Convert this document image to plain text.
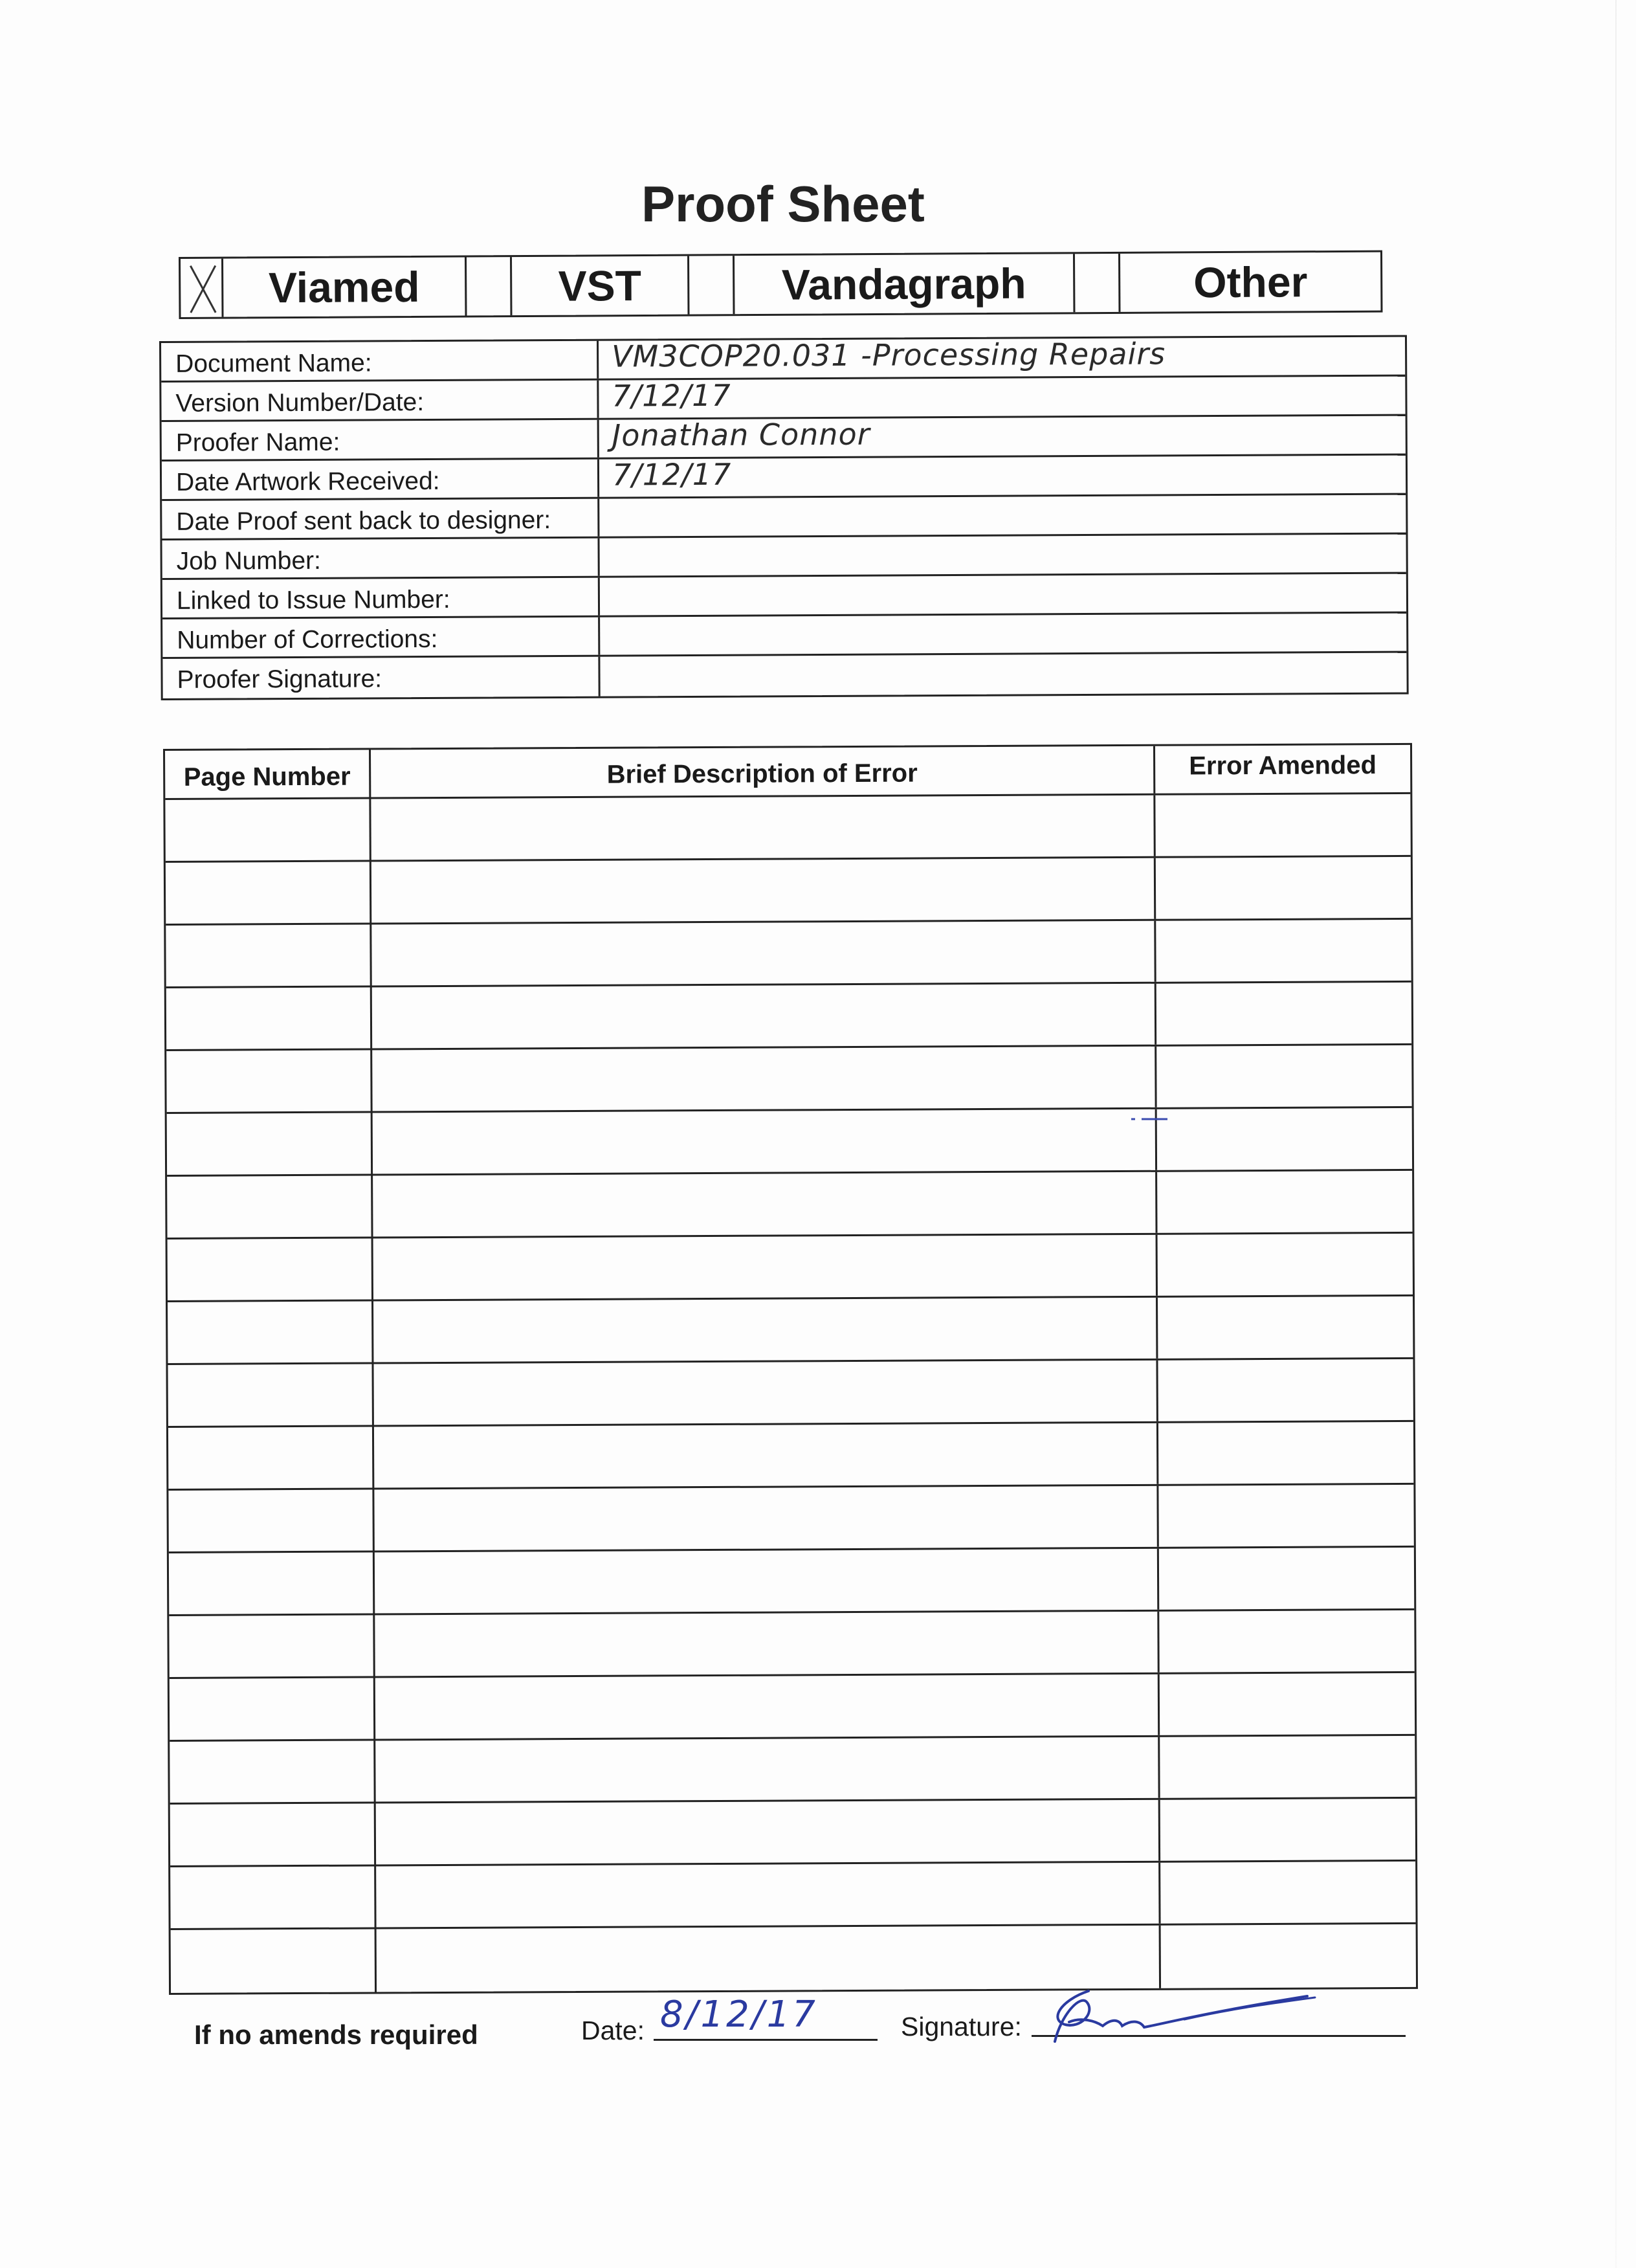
Proof Sheet
Viamed	VST	Vandagraph	Other
Document Name:	VM3COP20.031 -Processing Repairs
Version Number/Date:	7/12/17
Proofer Name:	Jonathan Connor
Date Artwork Received:	7/12/17
Date Proof sent back to designer:
Job Number:
Linked to Issue Number:
Number of Corrections:
Proofer Signature:
Page Number	Brief Description of Error	Error Amended
If no amends required	Date: 8/12/17	Signature:
